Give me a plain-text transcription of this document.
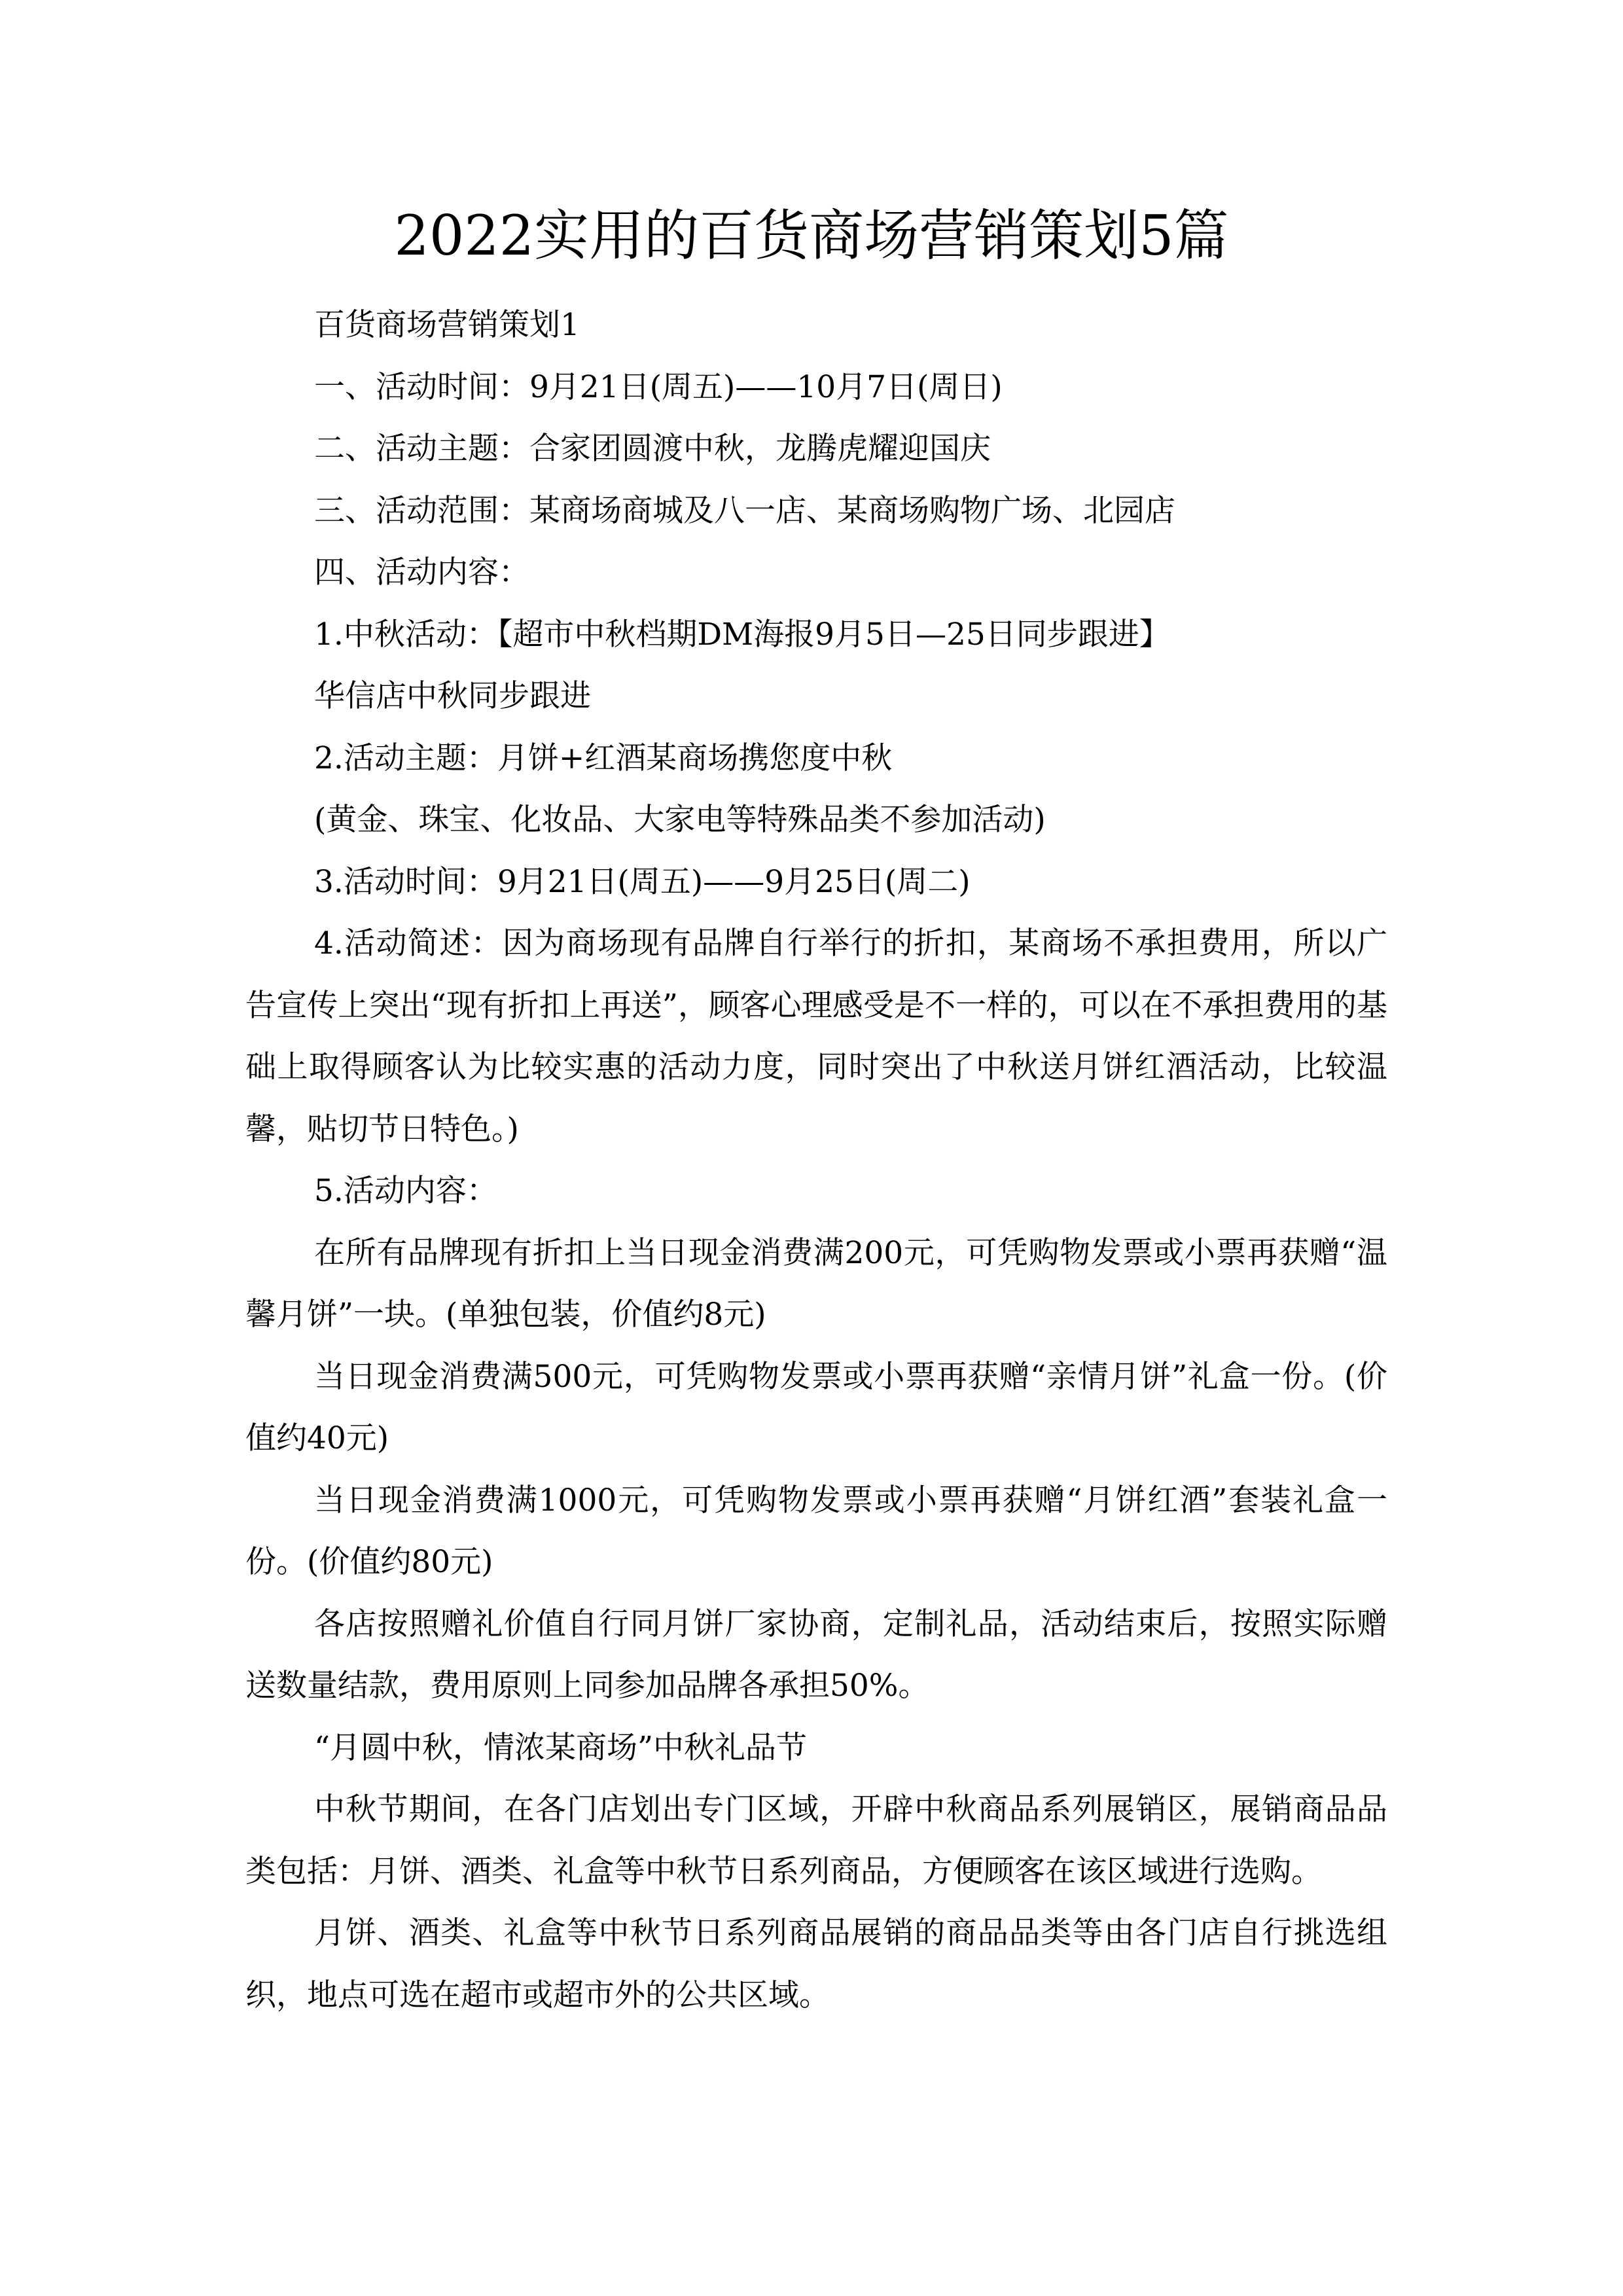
2022实用的百货商场营销策划5篇

百货商场营销策划1

一、活动时间：9月21日(周五)——10月7日(周日)

二、活动主题：合家团圆渡中秋，龙腾虎耀迎国庆

三、活动范围：某商场商城及八一店、某商场购物广场、北园店

四、活动内容：

1.中秋活动：【超市中秋档期DM海报9月5日—25日同步跟进】

华信店中秋同步跟进

2.活动主题：月饼+红酒某商场携您度中秋

(黄金、珠宝、化妆品、大家电等特殊品类不参加活动)

3.活动时间：9月21日(周五)——9月25日(周二)

4.活动简述：因为商场现有品牌自行举行的折扣，某商场不承担费用，所以广告宣传上突出“现有折扣上再送”，顾客心理感受是不一样的，可以在不承担费用的基础上取得顾客认为比较实惠的活动力度，同时突出了中秋送月饼红酒活动，比较温馨，贴切节日特色。)

5.活动内容：

在所有品牌现有折扣上当日现金消费满200元，可凭购物发票或小票再获赠“温馨月饼”一块。(单独包装，价值约8元)

当日现金消费满500元，可凭购物发票或小票再获赠“亲情月饼”礼盒一份。(价值约40元)

当日现金消费满1000元，可凭购物发票或小票再获赠“月饼红酒”套装礼盒一份。(价值约80元)

各店按照赠礼价值自行同月饼厂家协商，定制礼品，活动结束后，按照实际赠送数量结款，费用原则上同参加品牌各承担50%。

“月圆中秋，情浓某商场”中秋礼品节

中秋节期间，在各门店划出专门区域，开辟中秋商品系列展销区，展销商品品类包括：月饼、酒类、礼盒等中秋节日系列商品，方便顾客在该区域进行选购。

月饼、酒类、礼盒等中秋节日系列商品展销的商品品类等由各门店自行挑选组织，地点可选在超市或超市外的公共区域。
